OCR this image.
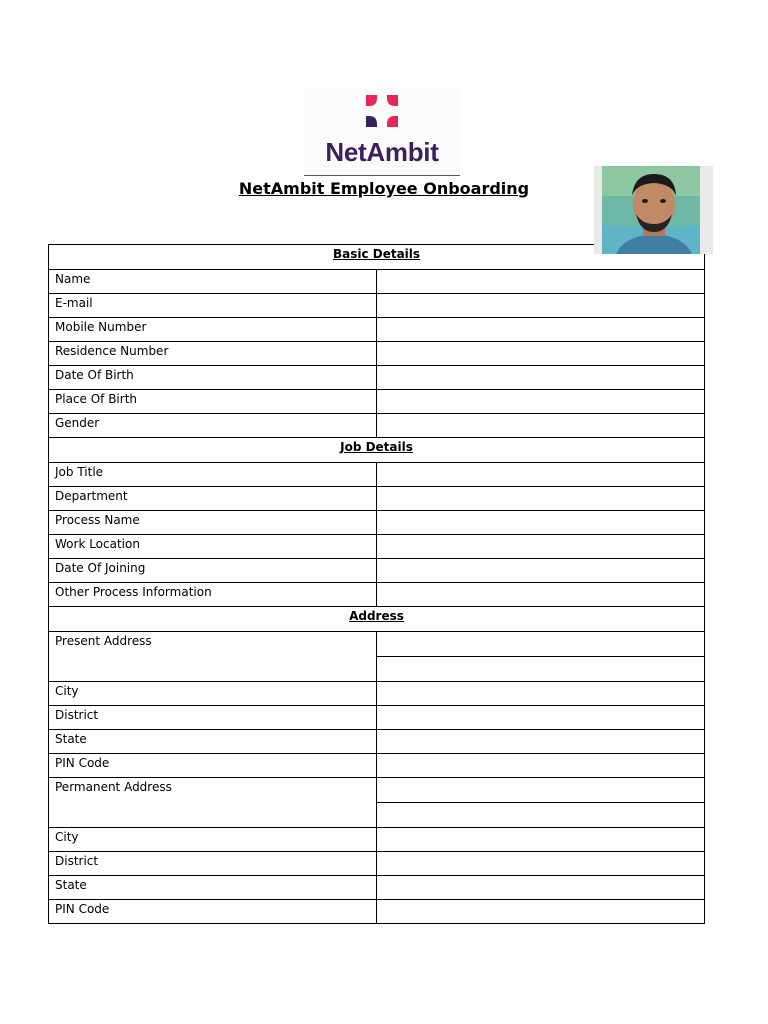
NetAmbit
NetAmbit Employee Onboarding
Basic Details	
Name	
E-mail	
Mobile Number	
Residence Number	
Date Of Birth	
Place Of Birth	
Gender	
Job Details	
Job Title	
Department	
Process Name	
Work Location	
Date Of Joining	
Other Process Information	
Address	
Present Address	

City	
District	
State	
PIN Code	
Permanent Address	

City	
District	
State	
PIN Code	
